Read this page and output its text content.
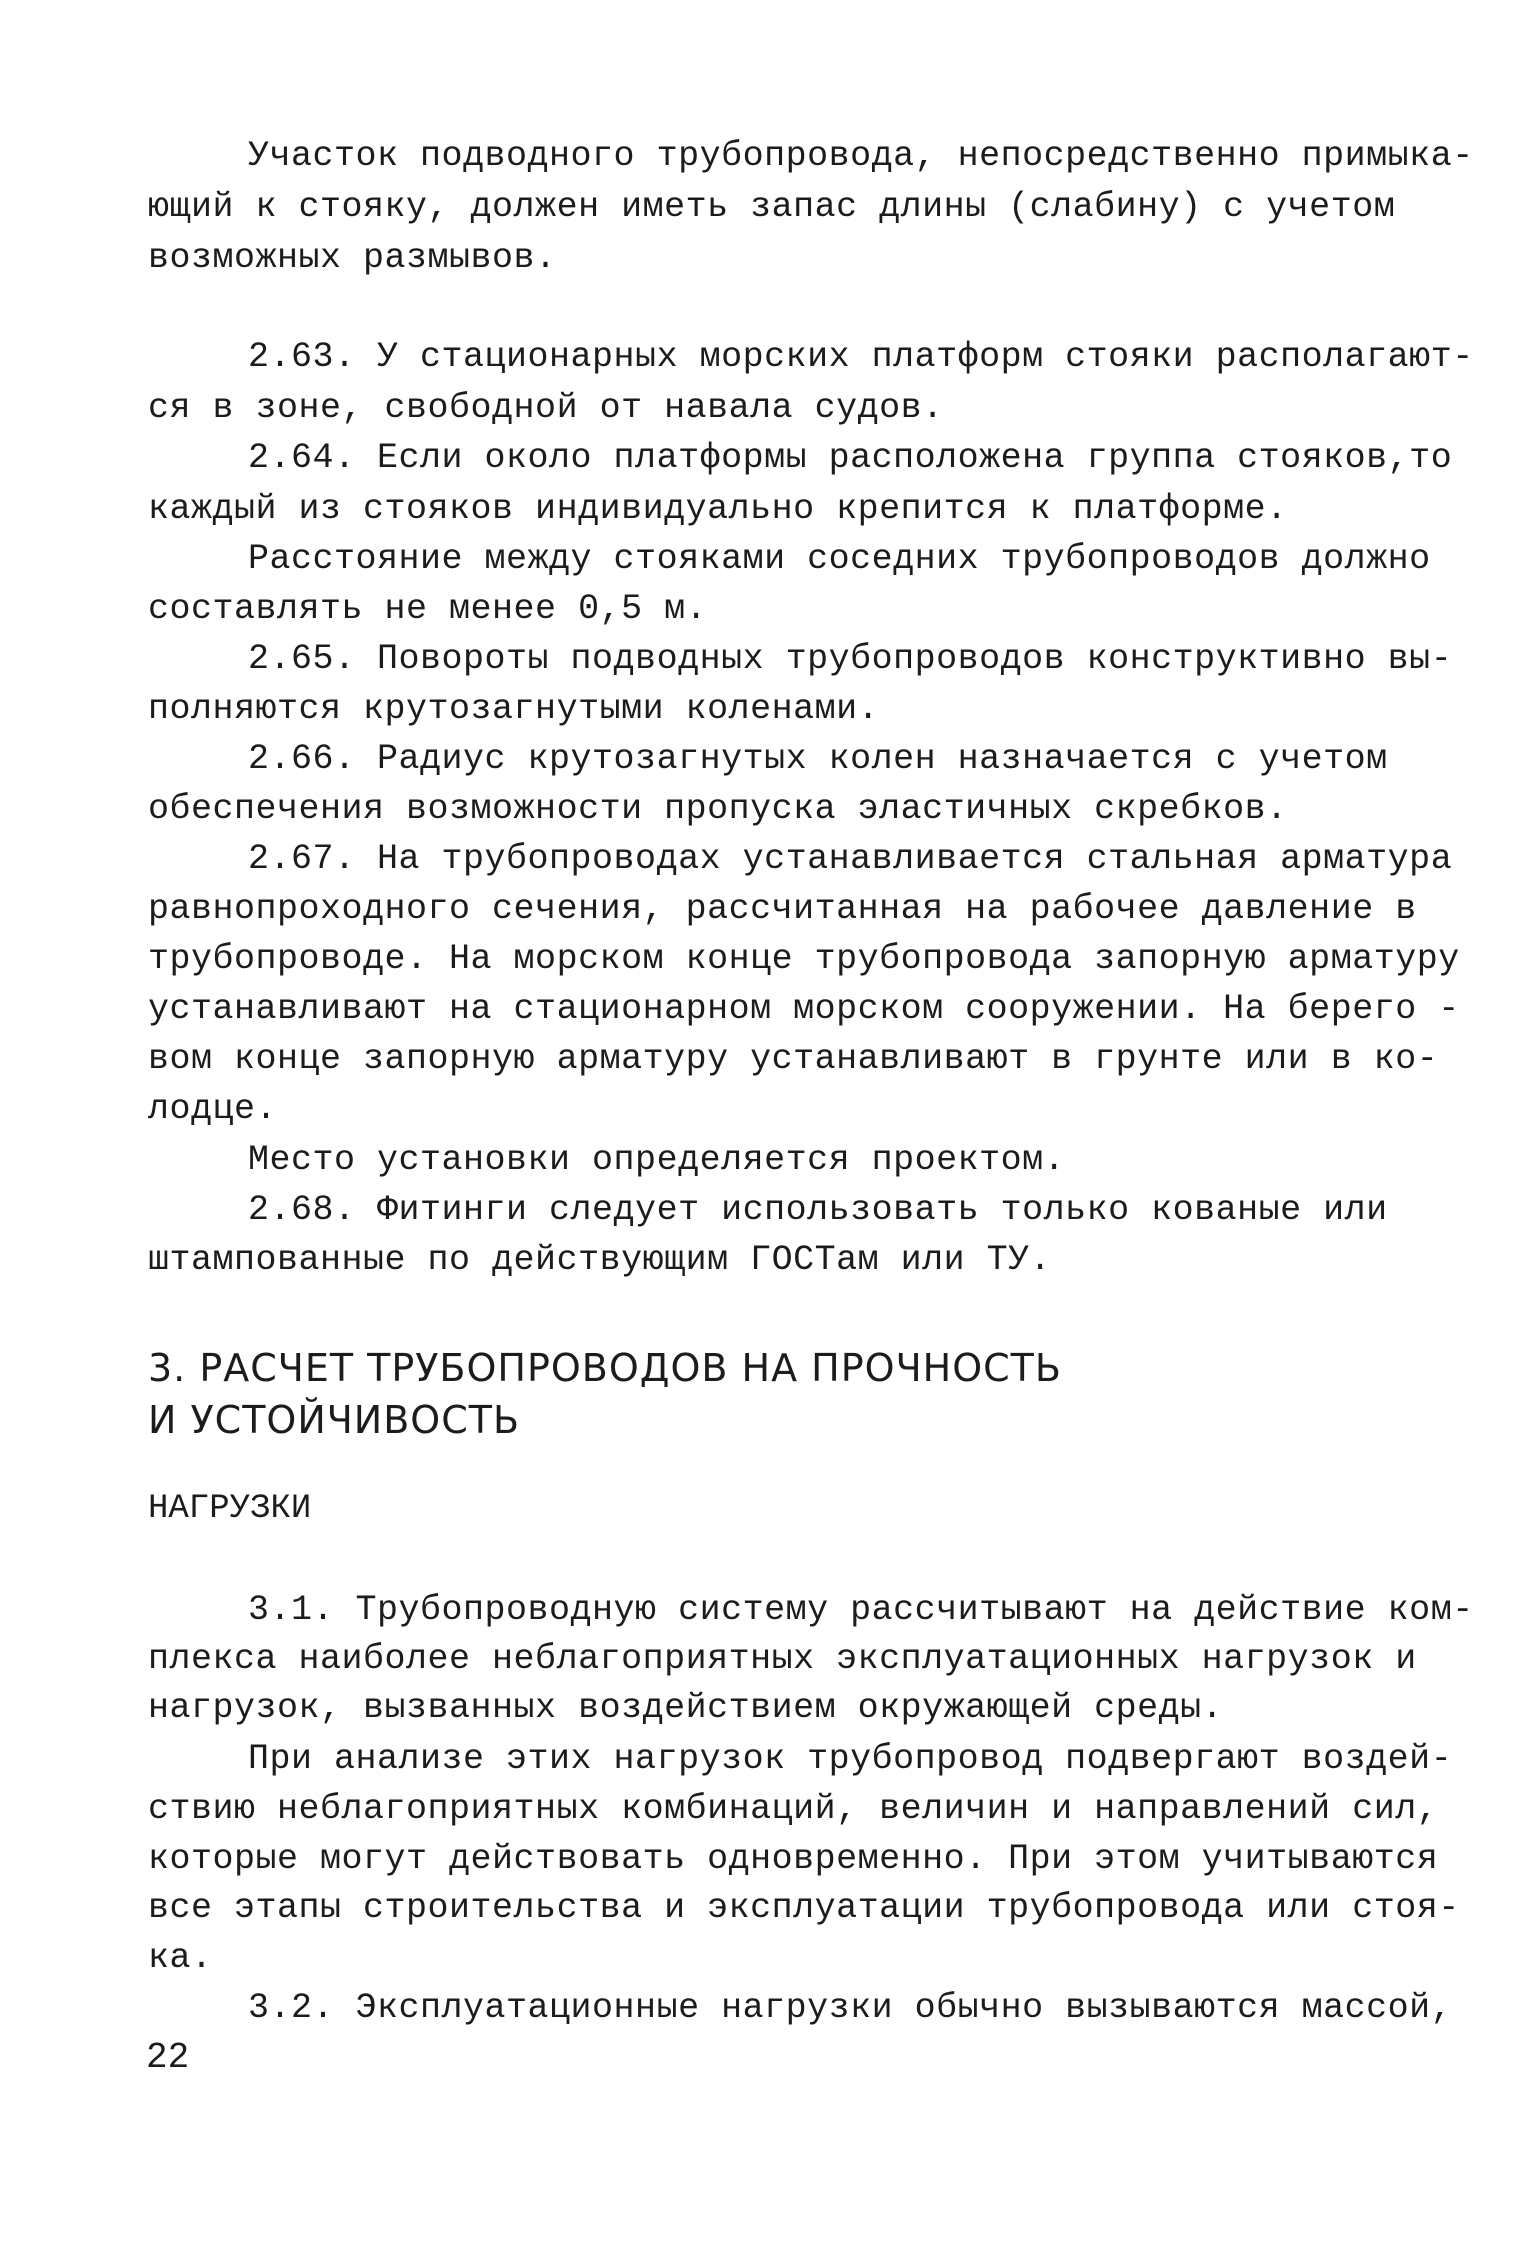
Участок подводного трубопровода, непосредственно примыка-
ющий к стояку, должен иметь запас длины (слабину) с учетом
возможных размывов.
2.63. У стационарных морских платформ стояки располагают-
ся в зоне, свободной от навала судов.
2.64. Если около платформы расположена группа стояков,то
каждый из стояков индивидуально крепится к платформе.
Расстояние между стояками соседних трубопроводов должно
составлять не менее 0,5 м.
2.65. Повороты подводных трубопроводов конструктивно вы-
полняются крутозагнутыми коленами.
2.66. Радиус крутозагнутых колен назначается с учетом
обеспечения возможности пропуска эластичных скребков.
2.67. На трубопроводах устанавливается стальная арматура
равнопроходного сечения, рассчитанная на рабочее давление в
трубопроводе. На морском конце трубопровода запорную арматуру
устанавливают на стационарном морском сооружении. На берего -
вом конце запорную арматуру устанавливают в грунте или в ко-
лодце.
Место установки определяется проектом.
2.68. Фитинги следует использовать только кованые или
штампованные по действующим ГОСТам или ТУ.
3. РАСЧЕТ ТРУБОПРОВОДОВ НА ПРОЧНОСТЬ
И УСТОЙЧИВОСТЬ
НАГРУЗКИ
3.1. Трубопроводную систему рассчитывают на действие ком-
плекса наиболее неблагоприятных эксплуатационных нагрузок и
нагрузок, вызванных воздействием окружающей среды.
При анализе этих нагрузок трубопровод подвергают воздей-
ствию неблагоприятных комбинаций, величин и направлений сил,
которые могут действовать одновременно. При этом учитываются
все этапы строительства и эксплуатации трубопровода или стоя-
ка.
3.2. Эксплуатационные нагрузки обычно вызываются массой,
22
